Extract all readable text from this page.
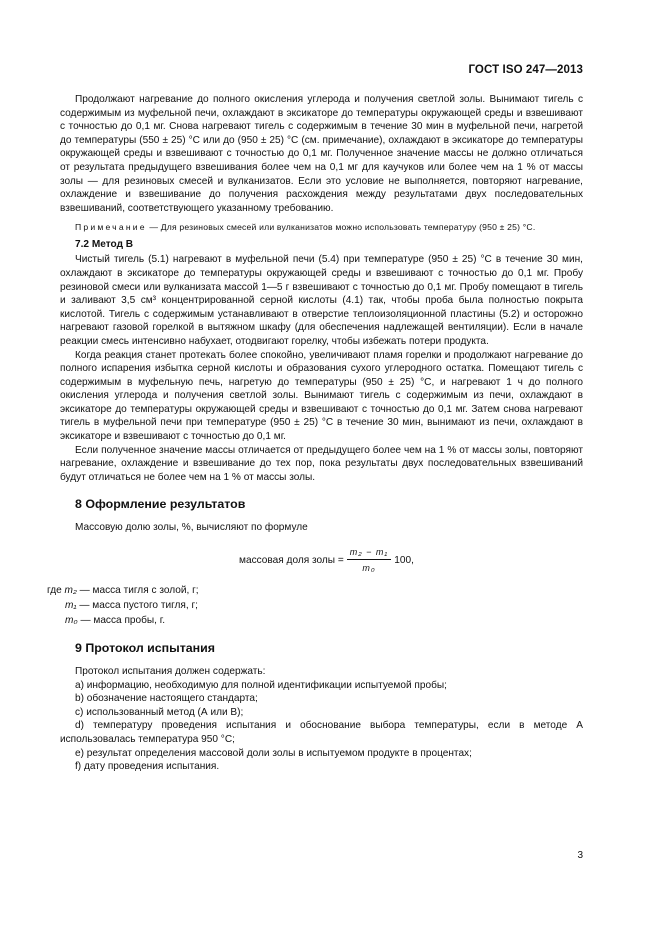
ГОСТ ISO 247—2013

Продолжают нагревание до полного окисления углерода и получения светлой золы. Вынимают тигель с содержимым из муфельной печи, охлаждают в эксикаторе до температуры окружающей среды и взвешивают с точностью до 0,1 мг. Снова нагревают тигель с содержимым в течение 30 мин в муфельной печи, нагретой до температуры (550 ± 25) °С или до (950 ± 25) °С (см. примечание), охлаждают в эксикаторе до температуры окружающей среды и взвешивают с точностью до 0,1 мг. Полученное значение массы не должно отличаться от результата предыдущего взвешивания более чем на 0,1 мг для каучуков или более чем на 1 % от массы золы — для резиновых смесей и вулканизатов. Если это условие не выполняется, повторяют нагревание, охлаждение и взвешивание до получения расхождения между результатами двух последовательных взвешиваний, соответствующего указанному требованию.

Примечание — Для резиновых смесей или вулканизатов можно использовать температуру (950 ± 25) °С.

7.2 Метод В

Чистый тигель (5.1) нагревают в муфельной печи (5.4) при температуре (950 ± 25) °С в течение 30 мин, охлаждают в эксикаторе до температуры окружающей среды и взвешивают с точностью до 0,1 мг. Пробу резиновой смеси или вулканизата массой 1—5 г взвешивают с точностью до 0,1 мг. Пробу помещают в тигель и заливают 3,5 см³ концентрированной серной кислоты (4.1) так, чтобы проба была полностью покрыта кислотой. Тигель с содержимым устанавливают в отверстие теплоизоляционной пластины (5.2) и осторожно нагревают газовой горелкой в вытяжном шкафу (для обеспечения надлежащей вентиляции). Если в начале реакции смесь интенсивно набухает, отодвигают горелку, чтобы избежать потери продукта.

Когда реакция станет протекать более спокойно, увеличивают пламя горелки и продолжают нагревание до полного испарения избытка серной кислоты и образования сухого углеродного остатка. Помещают тигель с содержимым в муфельную печь, нагретую до температуры (950 ± 25) °С, и нагревают 1 ч до полного окисления углерода и получения светлой золы. Вынимают тигель с содержимым из печи, охлаждают в эксикаторе до температуры окружающей среды и взвешивают с точностью до 0,1 мг. Затем снова нагревают тигель в муфельной печи при температуре (950 ± 25) °С в течение 30 мин, вынимают из печи, охлаждают в эксикаторе и взвешивают с точностью до 0,1 мг.

Если полученное значение массы отличается от предыдущего более чем на 1 % от массы золы, повторяют нагревание, охлаждение и взвешивание до тех пор, пока результаты двух последовательных взвешиваний будут отличаться не более чем на 1 % от массы золы.

8 Оформление результатов

Массовую долю золы, %, вычисляют по формуле

массовая доля золы = $\frac{\text{m₂ − m₁}}{\text{m₀}} 100$,
где m₂ — масса тигля с золой, г;
m₁ — масса пустого тигля, г;
m₀ — масса пробы, г.
9 Протокол испытания

Протокол испытания должен содержать:

a) информацию, необходимую для полной идентификации испытуемой пробы;

b) обозначение настоящего стандарта;

c) использованный метод (А или В);

d) температуру проведения испытания и обоснование выбора температуры, если в методе А использовалась температура 950 °С;

e) результат определения массовой доли золы в испытуемом продукте в процентах;

f) дату проведения испытания.

3
